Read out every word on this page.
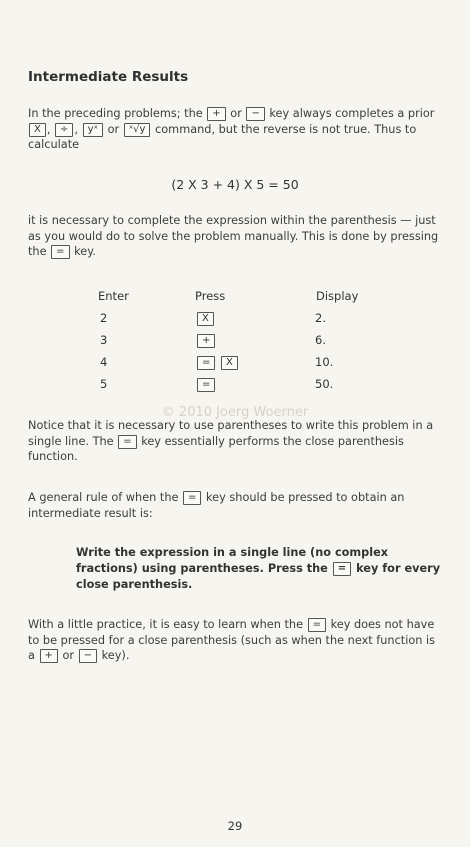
Intermediate Results
In the preceding problems; the + or − key always completes a prior X , ÷ , yˣ or ˣ√y command, but the reverse is not true. Thus to calculate
(2 X 3 + 4) X 5 = 50
it is necessary to complete the expression within the parenthesis — just as you would do to solve the problem manually. This is done by pressing the = key.
Enter	Press	Display
2	X	2.
3	+	6.
4	= X	10.
5	=	50.
© 2010 Joerg Woerner
Notice that it is necessary to use parentheses to write this problem in a single line. The = key essentially performs the close parenthesis function.
A general rule of when the = key should be pressed to obtain an intermediate result is:
Write the expression in a single line (no complex fractions) using parentheses. Press the = key for every close parenthesis.
With a little practice, it is easy to learn when the = key does not have to be pressed for a close parenthesis (such as when the next function is a + or − key).
29
